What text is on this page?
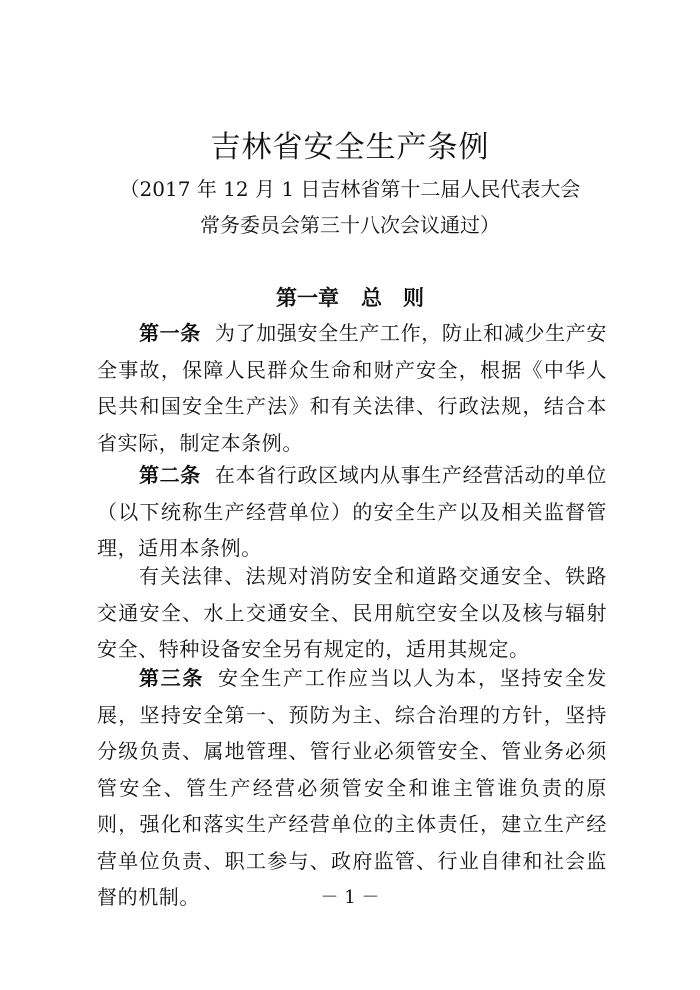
吉林省安全生产条例
（2017 年 12 月 1 日吉林省第十二届人民代表大会
常务委员会第三十八次会议通过）
第一章 总　则

第一条 为了加强安全生产工作，防止和减少生产安全事故，保障人民群众生命和财产安全，根据《中华人民共和国安全生产法》和有关法律、行政法规，结合本省实际，制定本条例。

第二条 在本省行政区域内从事生产经营活动的单位（以下统称生产经营单位）的安全生产以及相关监督管理，适用本条例。

有关法律、法规对消防安全和道路交通安全、铁路交通安全、水上交通安全、民用航空安全以及核与辐射安全、特种设备安全另有规定的，适用其规定。

第三条 安全生产工作应当以人为本，坚持安全发展，坚持安全第一、预防为主、综合治理的方针，坚持分级负责、属地管理、管行业必须管安全、管业务必须管安全、管生产经营必须管安全和谁主管谁负责的原则，强化和落实生产经营单位的主体责任，建立生产经营单位负责、职工参与、政府监管、行业自律和社会监督的机制。	－ 1 －
